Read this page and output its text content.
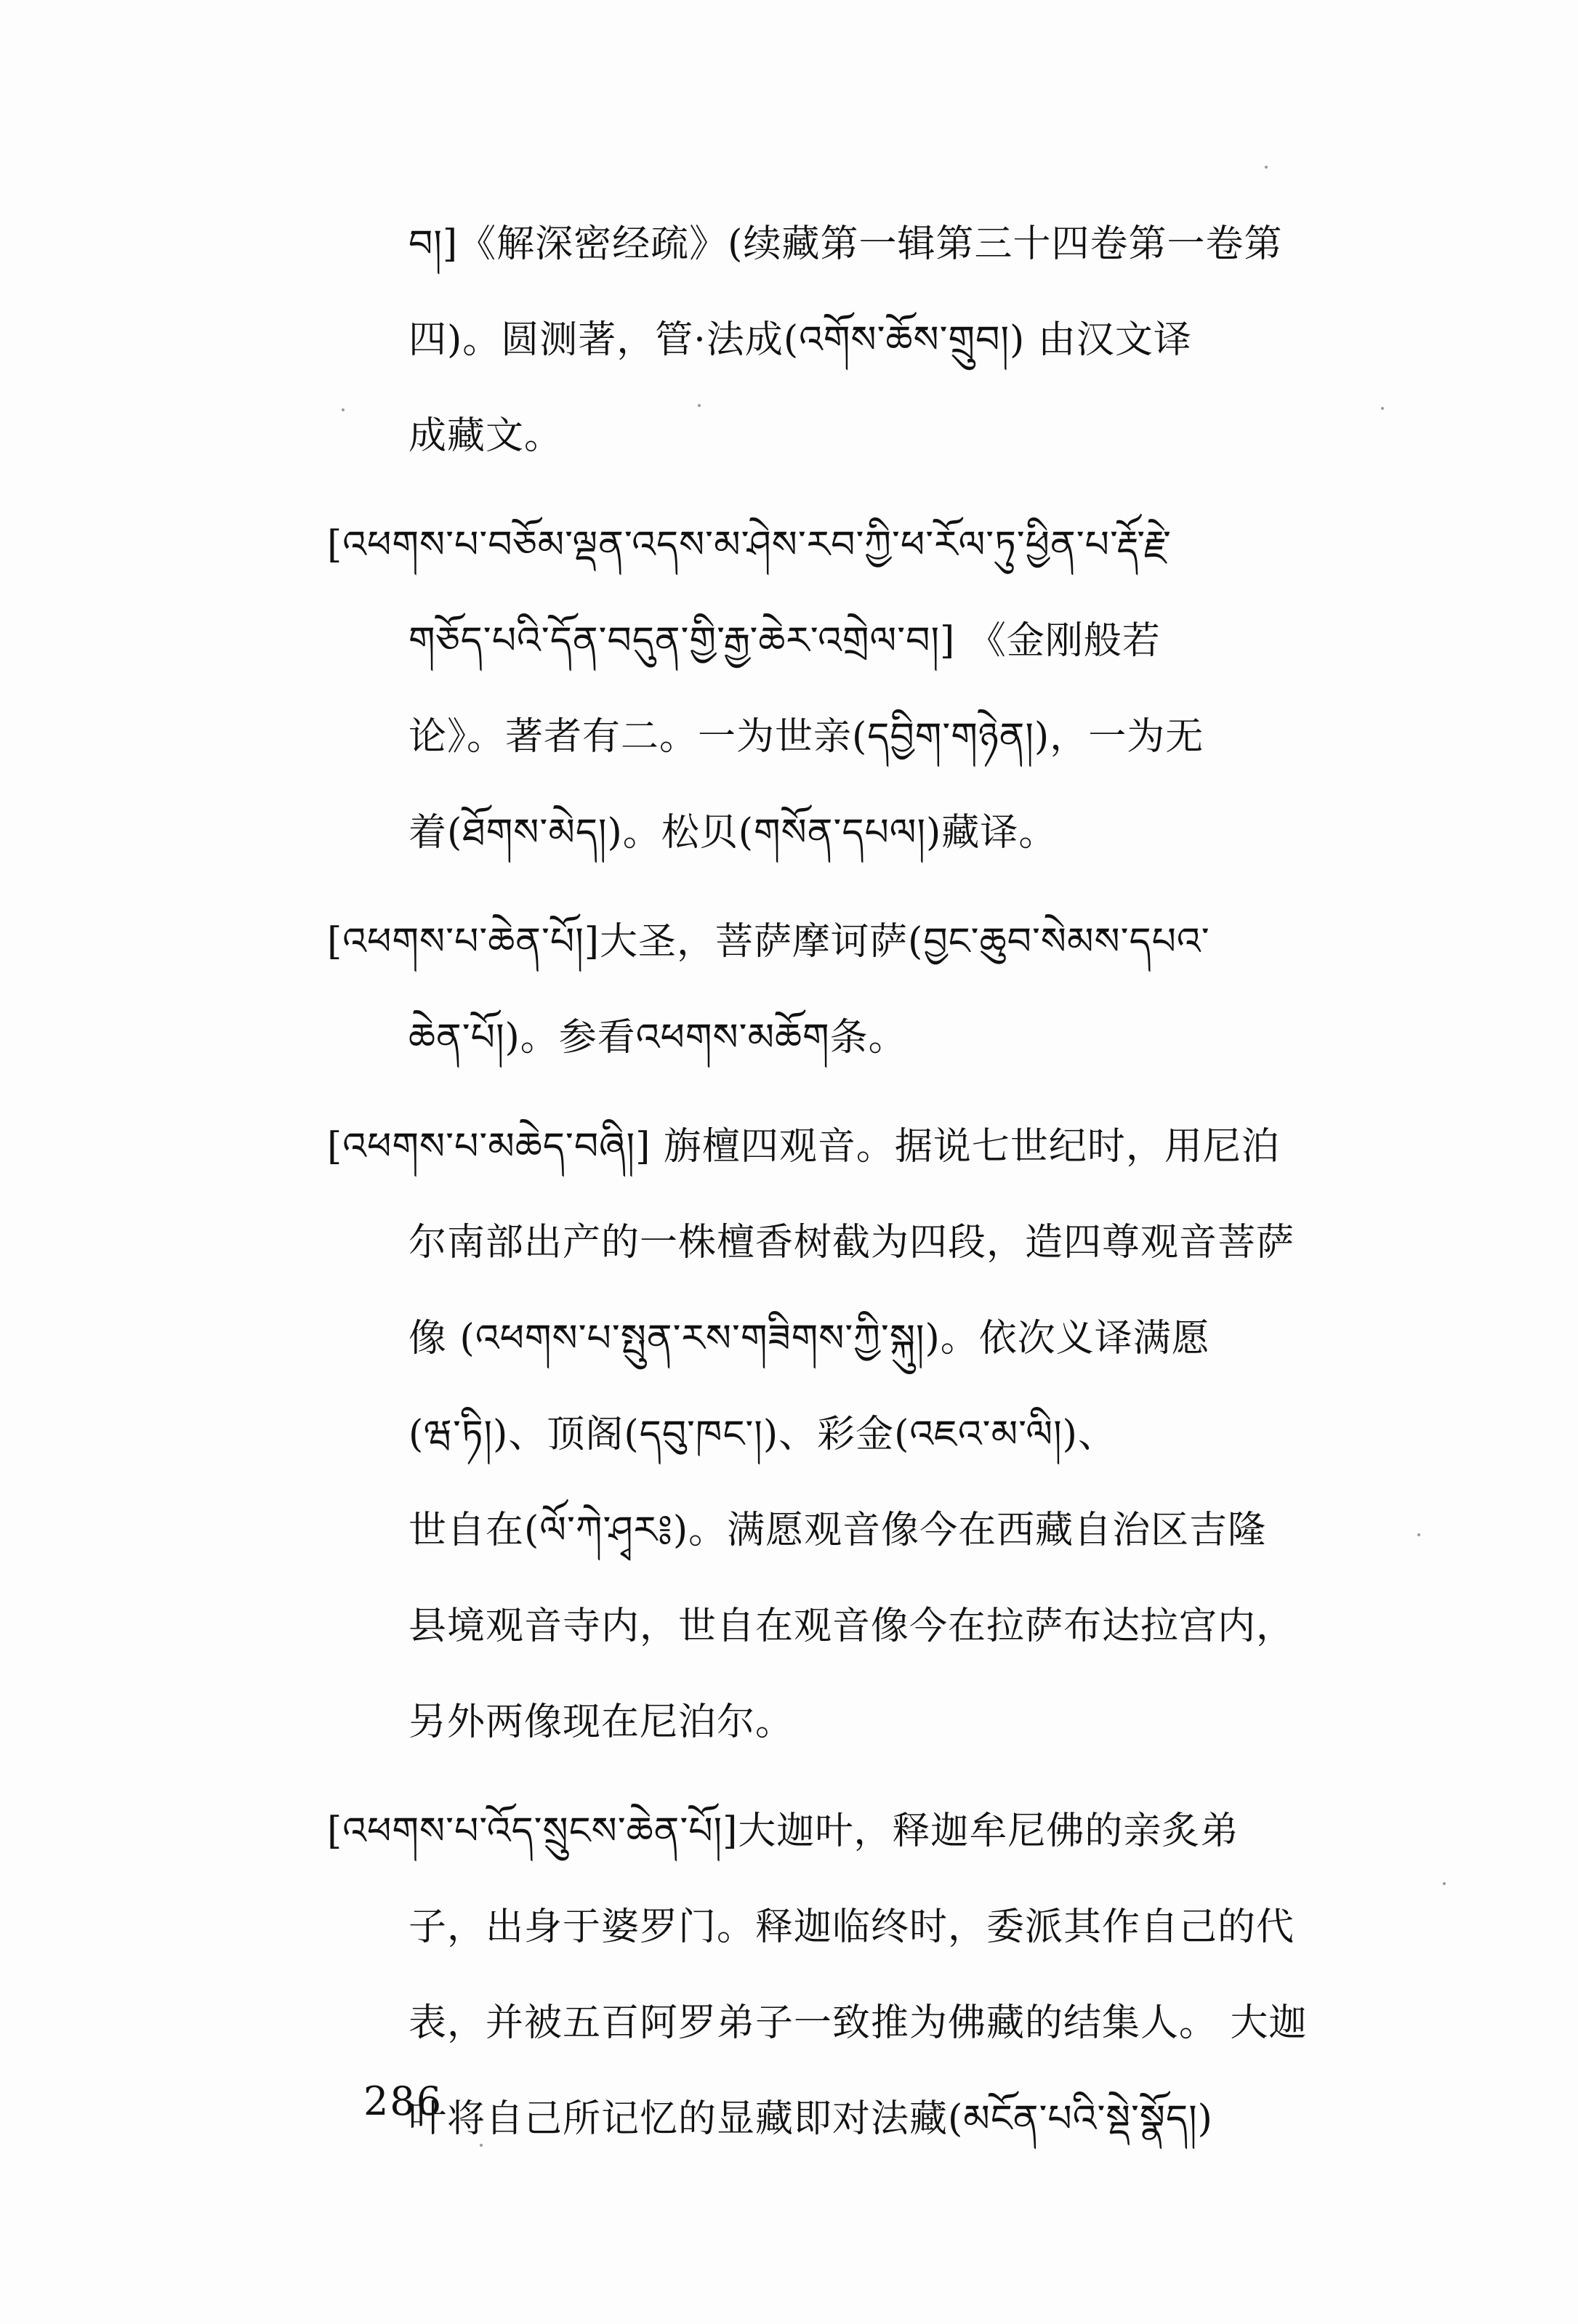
བ།]《解深密经疏》(续藏第一辑第三十四卷第一卷第
四)。圆测著，管·法成(འགོས་ཆོས་གྲུབ།) 由汉文译
成藏文。
[འཕགས་པ་བཅོམ་ལྡན་འདས་མ་ཤེས་རབ་ཀྱི་ཕ་རོལ་ཏུ་ཕྱིན་པ་རྡོ་རྗེ་
གཅོད་པའི་དོན་བདུན་གྱི་རྒྱ་ཆེར་འགྲེལ་བ།] 《金刚般若
论》。著者有二。一为世亲(དབྱིག་གཉེན།)，一为无
着(ཐོགས་མེད།)。松贝(གསོན་དཔལ།)藏译。
[འཕགས་པ་ཆེན་པོ།]大圣，菩萨摩诃萨(བྱང་ཆུབ་སེམས་དཔའ་
ཆེན་པོ།)。参看འཕགས་མཆོག条。
[འཕགས་པ་མཆེད་བཞི།] 旃檀四观音。据说七世纪时，用尼泊
尔南部出产的一株檀香树截为四段，造四尊观音菩萨
像 (འཕགས་པ་སྤུན་རས་གཟིགས་ཀྱི་སྐུ།)。依次义译满愿
(ཝ་ཏི།)、顶阁(དབུ་ཁང་།)、彩金(འཇའ་མ་ལི།)、
世自在(ལོ་ཀེ་ཤྭར༔)。满愿观音像今在西藏自治区吉隆
县境观音寺内，世自在观音像今在拉萨布达拉宫内，
另外两像现在尼泊尔。
[འཕགས་པ་འོད་སྲུངས་ཆེན་པོ།]大迦叶，释迦牟尼佛的亲炙弟
子，出身于婆罗门。释迦临终时，委派其作自己的代
表，并被五百阿罗弟子一致推为佛藏的结集人。 大迦
叶将自己所记忆的显藏即对法藏(མངོན་པའི་སྡེ་སྣོད།)
286
